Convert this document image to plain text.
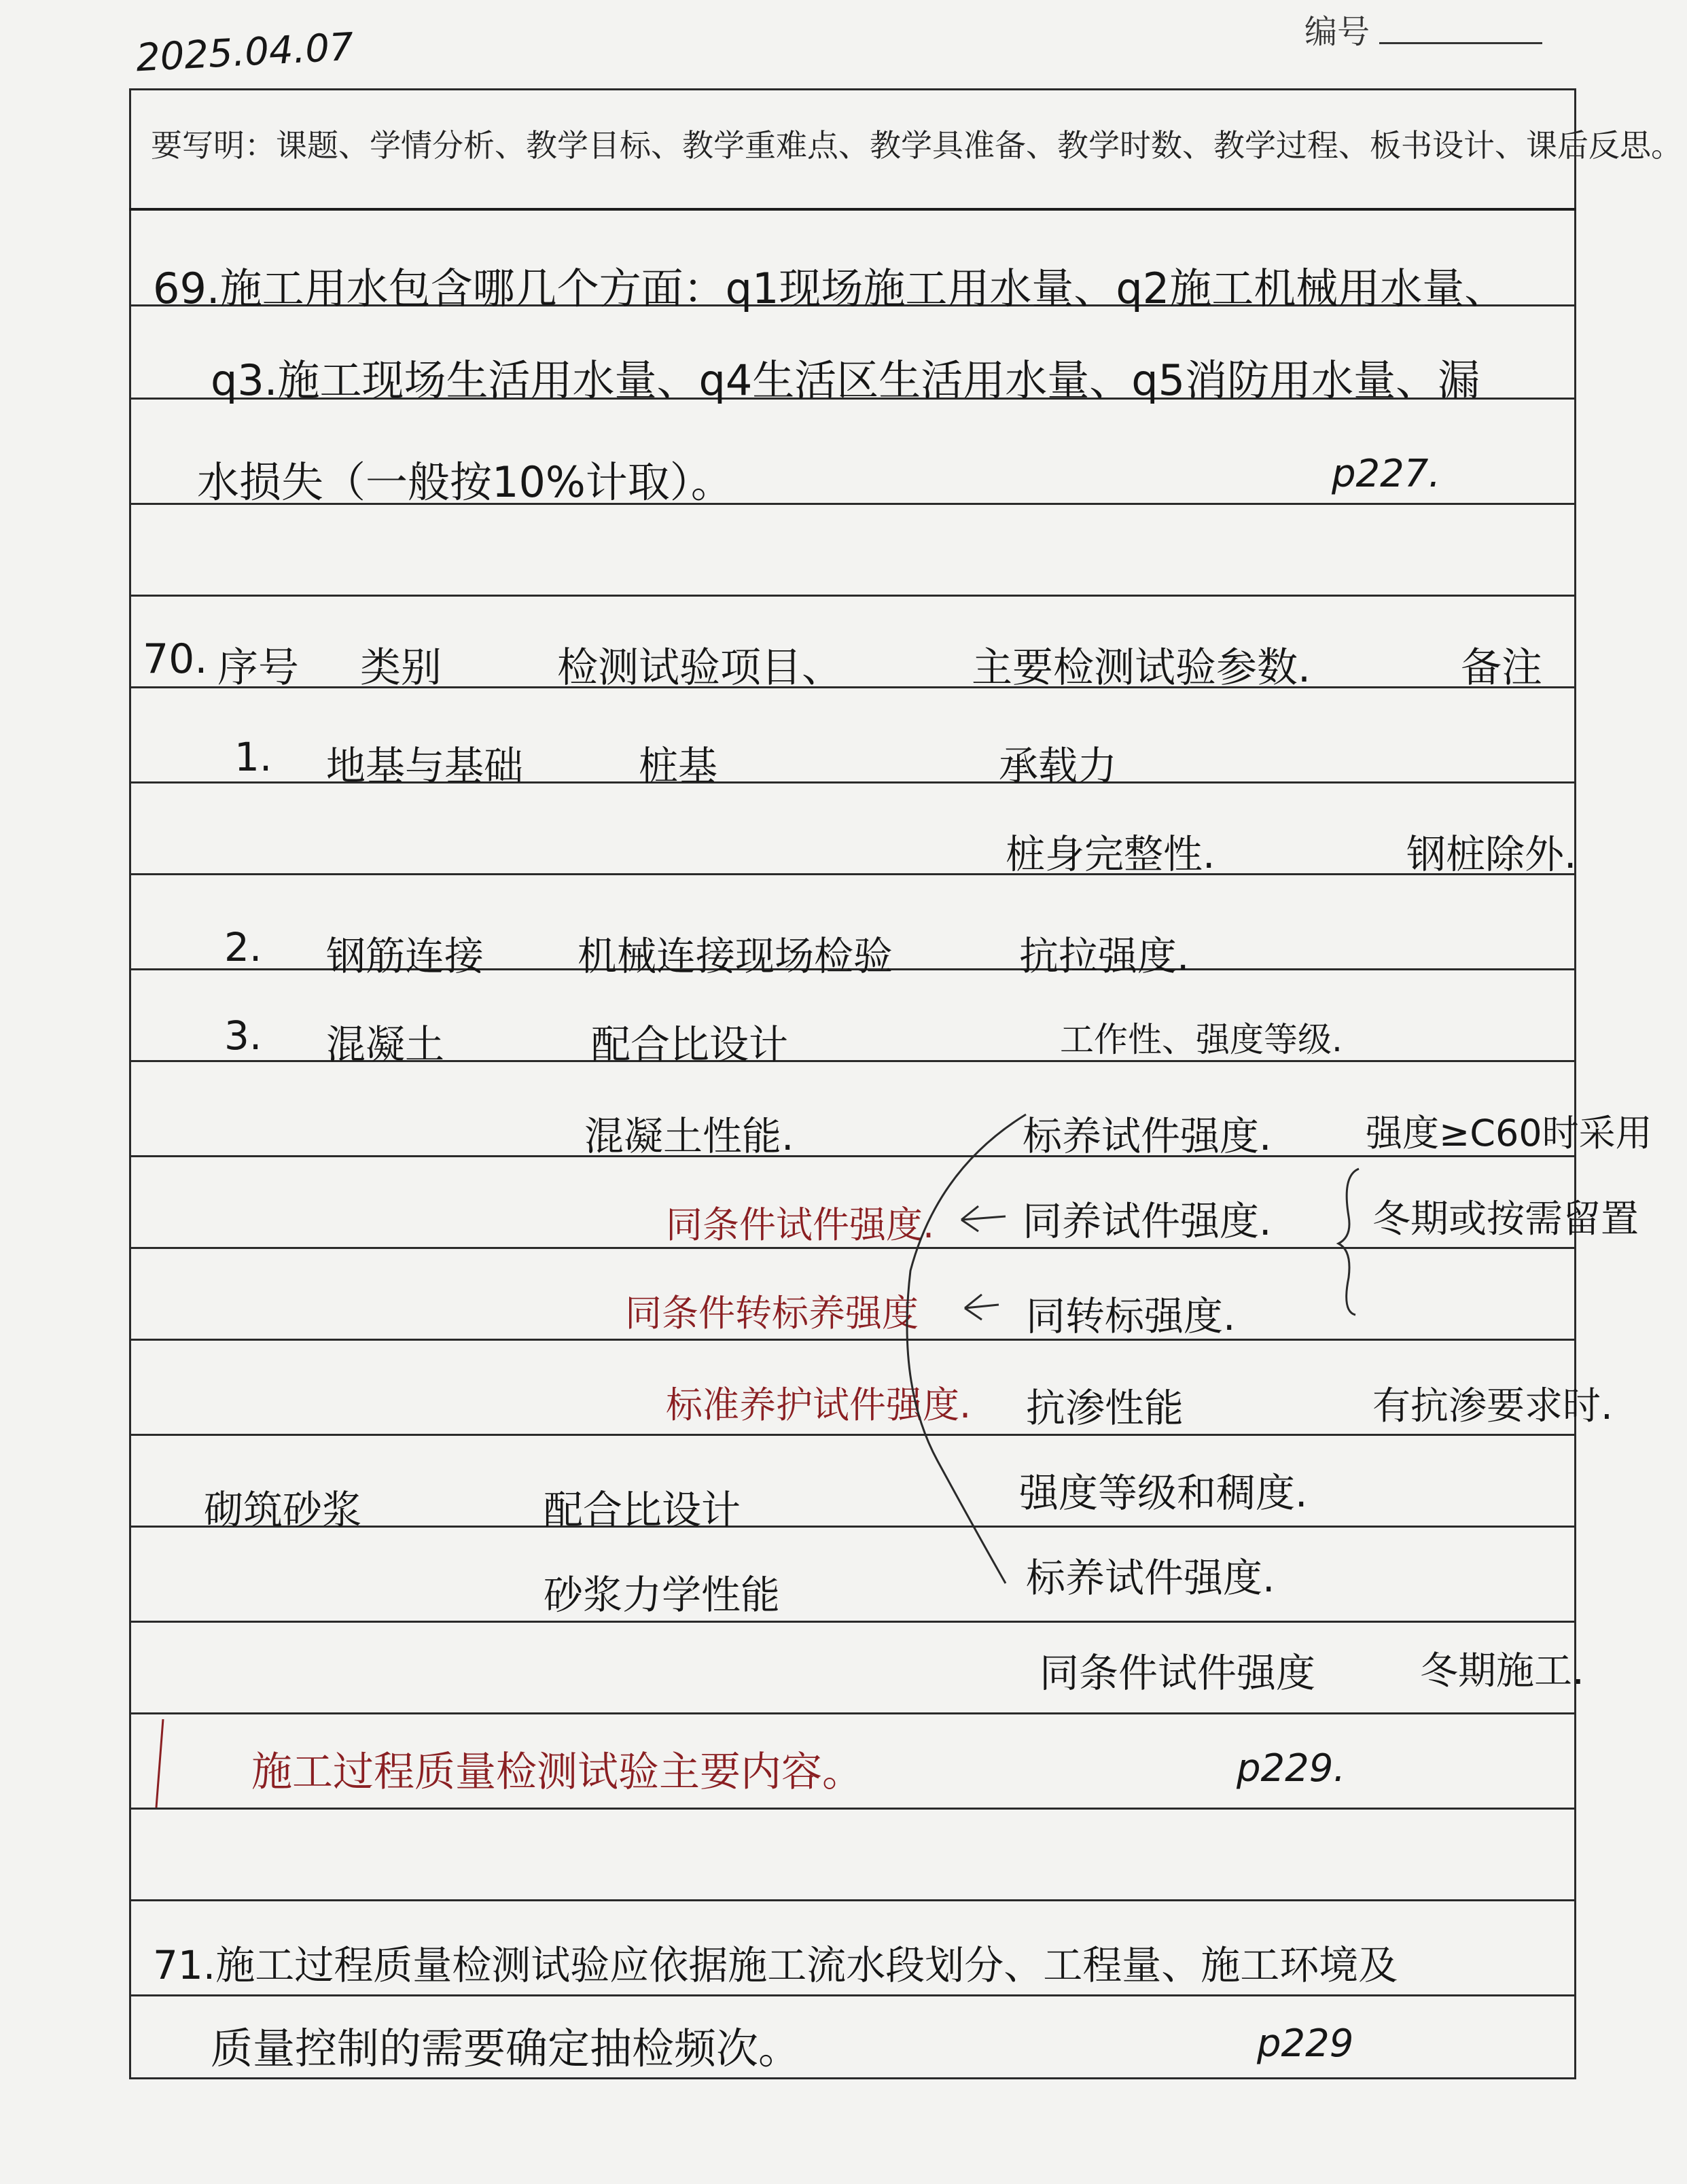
2025.04.07	编号
要写明：课题、学情分析、教学目标、教学重难点、教学具准备、教学时数、教学过程、板书设计、课后反思。
69.施工用水包含哪几个方面：q1现场施工用水量、q2施工机械用水量、
q3.施工现场生活用水量、q4生活区生活用水量、q5消防用水量、漏
水损失（一般按10%计取）。	p227.
70. 序号 类别	检测试验项目、	主要检测试验参数.	备注
1. 地基与基础	桩基	承载力
桩身完整性.	钢桩除外.
2. 钢筋连接 机械连接现场检验	抗拉强度.
3. 混凝土	配合比设计	工作性、强度等级.
混凝土性能.	标养试件强度.	强度≥C60时采用
同养试件强度.	冬期或按需留置
同转标强度.
抗渗性能	有抗渗要求时.
砌筑砂浆	配合比设计	强度等级和稠度.
砂浆力学性能	标养试件强度.
同条件试件强度	冬期施工.
同条件试件强度.
同条件转标养强度
标准养护试件强度.
施工过程质量检测试验主要内容。	p229.
71.施工过程质量检测试验应依据施工流水段划分、工程量、施工环境及
质量控制的需要确定抽检频次。	p229
